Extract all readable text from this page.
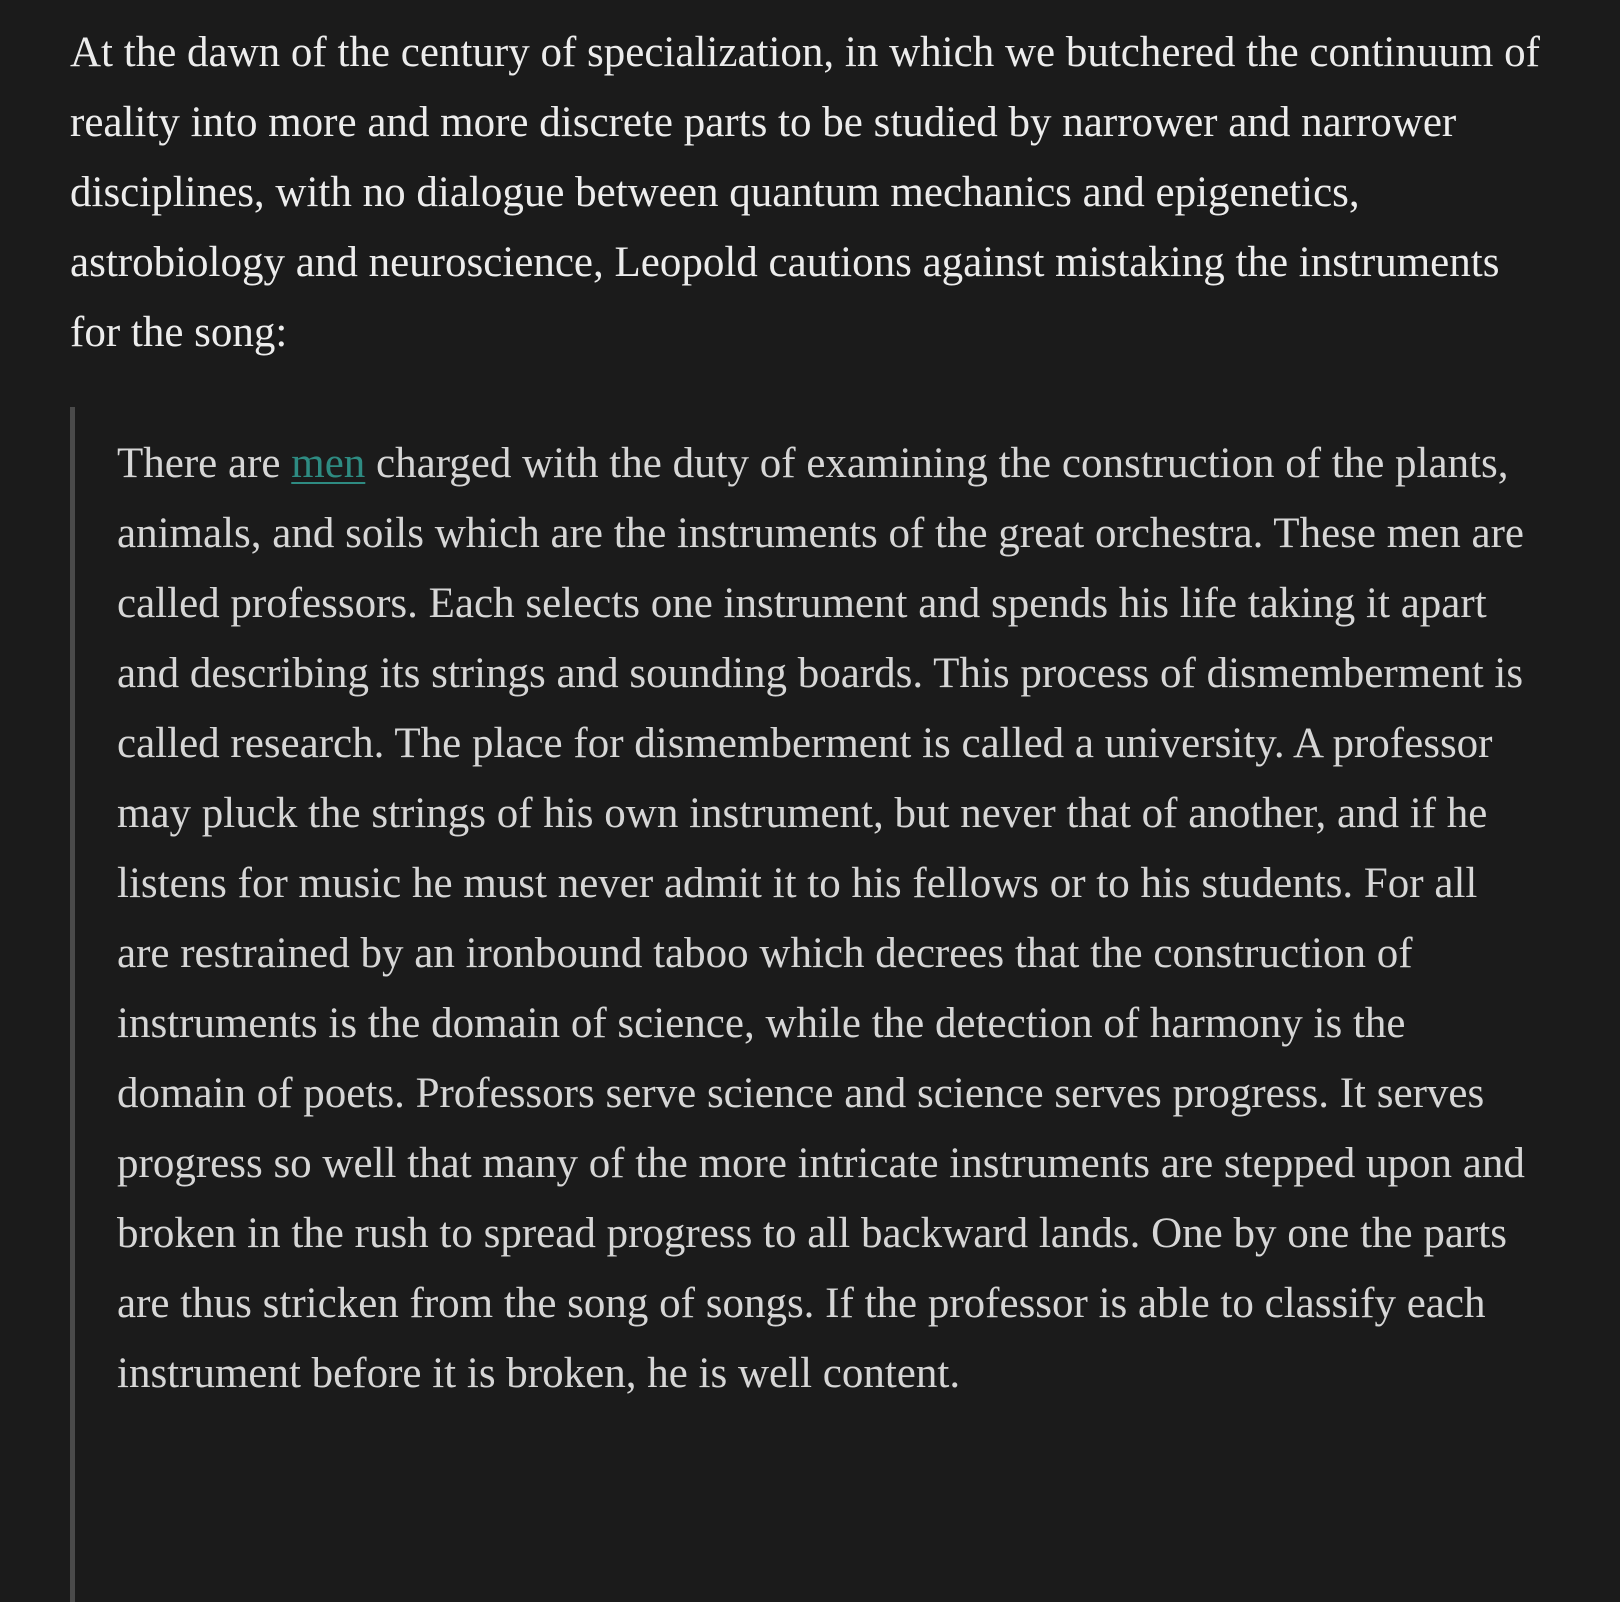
At the dawn of the century of specialization, in which we butchered the continuum of reality into more and more discrete parts to be studied by narrower and narrower disciplines, with no dialogue between quantum mechanics and epigenetics, astrobiology and neuroscience, Leopold cautions against mistaking the instruments for the song:

There are men charged with the duty of examining the construction of the plants, animals, and soils which are the instruments of the great orchestra. These men are called professors. Each selects one instrument and spends his life taking it apart and describing its strings and sounding boards. This process of dismemberment is called research. The place for dismemberment is called a university. A professor may pluck the strings of his own instrument, but never that of another, and if he listens for music he must never admit it to his fellows or to his students. For all are restrained by an ironbound taboo which decrees that the construction of instruments is the domain of science, while the detection of harmony is the domain of poets. Professors serve science and science serves progress. It serves progress so well that many of the more intricate instruments are stepped upon and broken in the rush to spread progress to all backward lands. One by one the parts are thus stricken from the song of songs. If the professor is able to classify each instrument before it is broken, he is well content.
